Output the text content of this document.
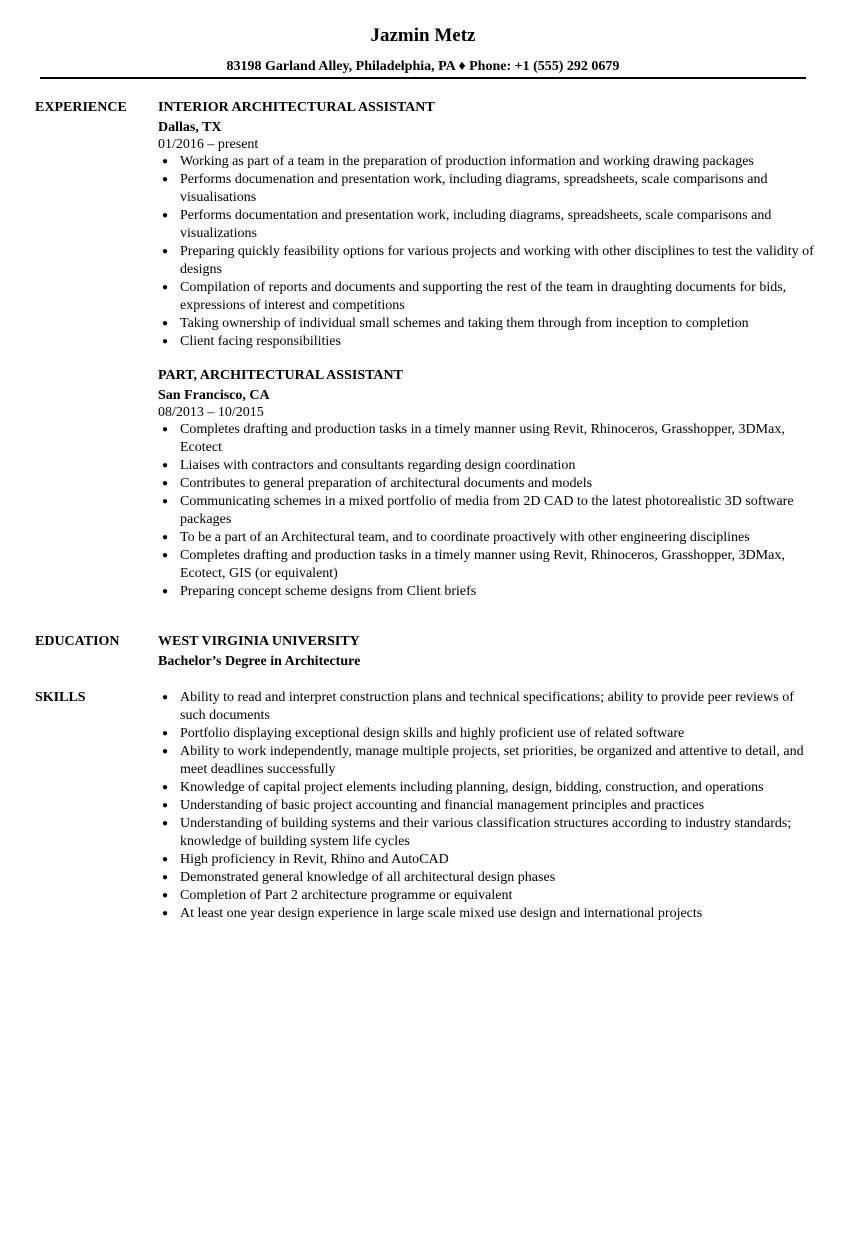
Jazmin Metz
83198 Garland Alley, Philadelphia, PA ♦ Phone: +1 (555) 292 0679
EXPERIENCE INTERIOR ARCHITECTURAL ASSISTANT
Dallas, TX
01/2016 – present
● Working as part of a team in the preparation of production information and working drawing packages
● Performs documenation and presentation work, including diagrams, spreadsheets, scale comparisons and visualisations
● Performs documentation and presentation work, including diagrams, spreadsheets, scale comparisons and visualizations
● Preparing quickly feasibility options for various projects and working with other disciplines to test the validity of designs
● Compilation of reports and documents and supporting the rest of the team in draughting documents for bids, expressions of interest and competitions
● Taking ownership of individual small schemes and taking them through from inception to completion
● Client facing responsibilities
PART, ARCHITECTURAL ASSISTANT
San Francisco, CA
08/2013 – 10/2015
● Completes drafting and production tasks in a timely manner using Revit, Rhinoceros, Grasshopper, 3DMax, Ecotect
● Liaises with contractors and consultants regarding design coordination
● Contributes to general preparation of architectural documents and models
● Communicating schemes in a mixed portfolio of media from 2D CAD to the latest photorealistic 3D software packages
● To be a part of an Architectural team, and to coordinate proactively with other engineering disciplines
● Completes drafting and production tasks in a timely manner using Revit, Rhinoceros, Grasshopper, 3DMax, Ecotect, GIS (or equivalent)
● Preparing concept scheme designs from Client briefs
EDUCATION	WEST VIRGINIA UNIVERSITY
Bachelor’s Degree in Architecture
SKILLS	● Ability to read and interpret construction plans and technical specifications; ability to provide peer reviews of such documents
● Portfolio displaying exceptional design skills and highly proficient use of related software
● Ability to work independently, manage multiple projects, set priorities, be organized and attentive to detail, and meet deadlines successfully
● Knowledge of capital project elements including planning, design, bidding, construction, and operations
● Understanding of basic project accounting and financial management principles and practices
● Understanding of building systems and their various classification structures according to industry standards; knowledge of building system life cycles
● High proficiency in Revit, Rhino and AutoCAD
● Demonstrated general knowledge of all architectural design phases
● Completion of Part 2 architecture programme or equivalent
● At least one year design experience in large scale mixed use design and international projects
